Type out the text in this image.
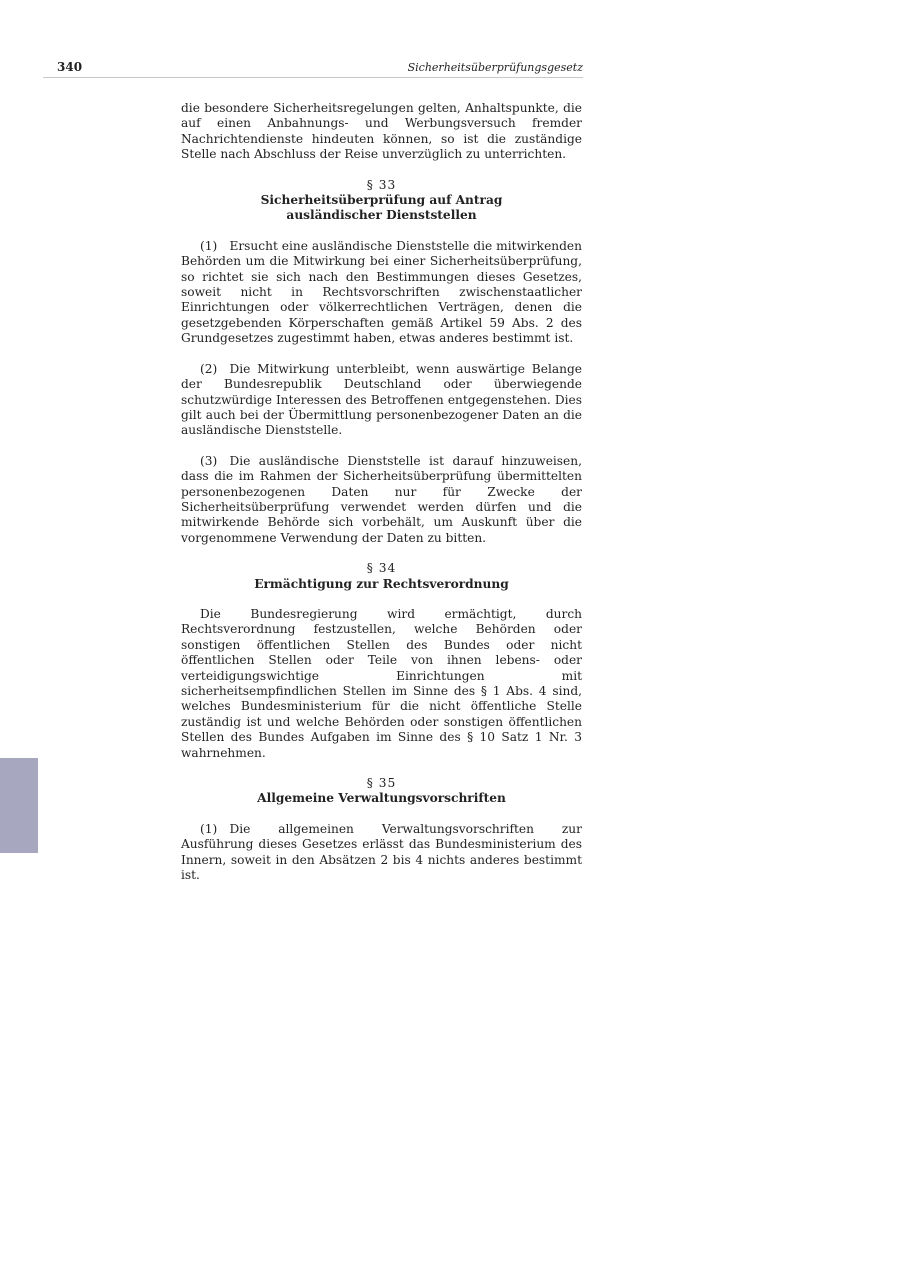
340	Sicherheitsüberprüfungsgesetz

die besondere Sicherheitsregelungen gelten, Anhaltspunkte, die auf einen Anbahnungs- und Werbungsversuch fremder Nachrichtendienste hindeuten können, so ist die zuständige Stelle nach Abschluss der Reise unverzüglich zu unterrichten.

§ 33
Sicherheitsüberprüfung auf Antrag
ausländischer Dienststellen

(1) Ersucht eine ausländische Dienststelle die mitwirkenden Behörden um die Mitwirkung bei einer Sicherheitsüberprüfung, so richtet sie sich nach den Bestimmungen dieses Gesetzes, soweit nicht in Rechtsvorschriften zwischenstaatlicher Einrichtungen oder völkerrechtlichen Verträgen, denen die gesetzgebenden Körperschaften gemäß Artikel 59 Abs. 2 des Grundgesetzes zugestimmt haben, etwas anderes bestimmt ist.

(2) Die Mitwirkung unterbleibt, wenn auswärtige Belange der Bundesrepublik Deutschland oder überwiegende schutzwürdige Interessen des Betroffenen entgegenstehen. Dies gilt auch bei der Übermittlung personenbezogener Daten an die ausländische Dienststelle.

(3) Die ausländische Dienststelle ist darauf hinzuweisen, dass die im Rahmen der Sicherheitsüberprüfung übermittelten personenbezogenen Daten nur für Zwecke der Sicherheitsüberprüfung verwendet werden dürfen und die mitwirkende Behörde sich vorbehält, um Auskunft über die vorgenommene Verwendung der Daten zu bitten.

§ 34
Ermächtigung zur Rechtsverordnung

Die Bundesregierung wird ermächtigt, durch Rechtsverordnung festzustellen, welche Behörden oder sonstigen öffentlichen Stellen des Bundes oder nicht öffentlichen Stellen oder Teile von ihnen lebens- oder verteidigungswichtige Einrichtungen mit sicherheitsempfindlichen Stellen im Sinne des § 1 Abs. 4 sind, welches Bundesministerium für die nicht öffentliche Stelle zuständig ist und welche Behörden oder sonstigen öffentlichen Stellen des Bundes Aufgaben im Sinne des § 10 Satz 1 Nr. 3 wahrnehmen.

§ 35
Allgemeine Verwaltungsvorschriften

(1) Die allgemeinen Verwaltungsvorschriften zur Ausführung dieses Gesetzes erlässt das Bundesministerium des Innern, soweit in den Absätzen 2 bis 4 nichts anderes bestimmt ist.
